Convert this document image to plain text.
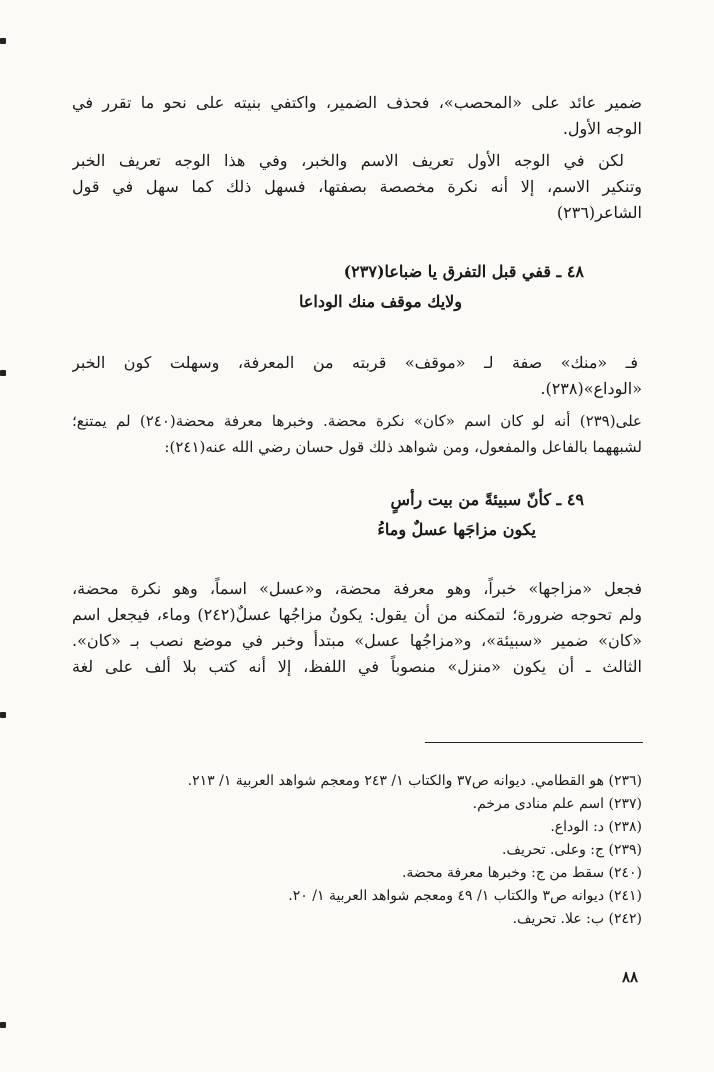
ضمير عائد على «المحصب»، فحذف الضمير، واكتفي بنيته على نحو ما تقرر في
الوجه الأول.
لكن في الوجه الأول تعريف الاسم والخبر، وفي هذا الوجه تعريف الخبر
وتنكير الاسم، إلا أنه نكرة مخصصة بصفتها، فسهل ذلك كما سهل في قول
الشاعر(٢٣٦)
٤٨ ـ قفي قبل التفرق يا ضباعا(٢٣٧)
ولايك موقف منك الوداعا
فـ «منك» صفة لـ «موقف» قربته من المعرفة، وسهلت كون الخبر
«الوداع»(٢٣٨).
على(٢٣٩) أنه لو كان اسم «كان» نكرة محضة. وخبرها معرفة محضة(٢٤٠) لم يمتنع؛
لشبههما بالفاعل والمفعول، ومن شواهد ذلك قول حسان رضي الله عنه(٢٤١):
٤٩ ـ كأنّ سبيئةً من بيت رأسٍ
يكون مزاجَها عسلٌ وماءُ
فجعل «مزاجها» خبراً، وهو معرفة محضة، و«عسل» اسماً، وهو نكرة محضة،
ولم تحوجه ضرورة؛ لتمكنه من أن يقول: يكونُ مزاجُها عسلٌ(٢٤٢) وماء، فيجعل اسم
«كان» ضمير «سبيئة»، و«مزاجُها عسل» مبتدأ وخبر في موضع نصب بـ «كان».
الثالث ـ أن يكون «منزل» منصوباً في اللفظ، إلا أنه كتب بلا ألف على لغة
(٢٣٦) هو القطامي. ديوانه ص٣٧ والكتاب ١/ ٢٤٣ ومعجم شواهد العربية ١/ ٢١٣.
(٢٣٧) اسم علم منادى مرخم.
(٢٣٨) د: الوداع.
(٢٣٩) ج: وعلى. تحريف.
(٢٤٠) سقط من ج: وخبرها معرفة محضة.
(٢٤١) ديوانه ص٣ والكتاب ١/ ٤٩ ومعجم شواهد العربية ١/ ٢٠.
(٢٤٢) ب: علا. تحريف.
٨٨
